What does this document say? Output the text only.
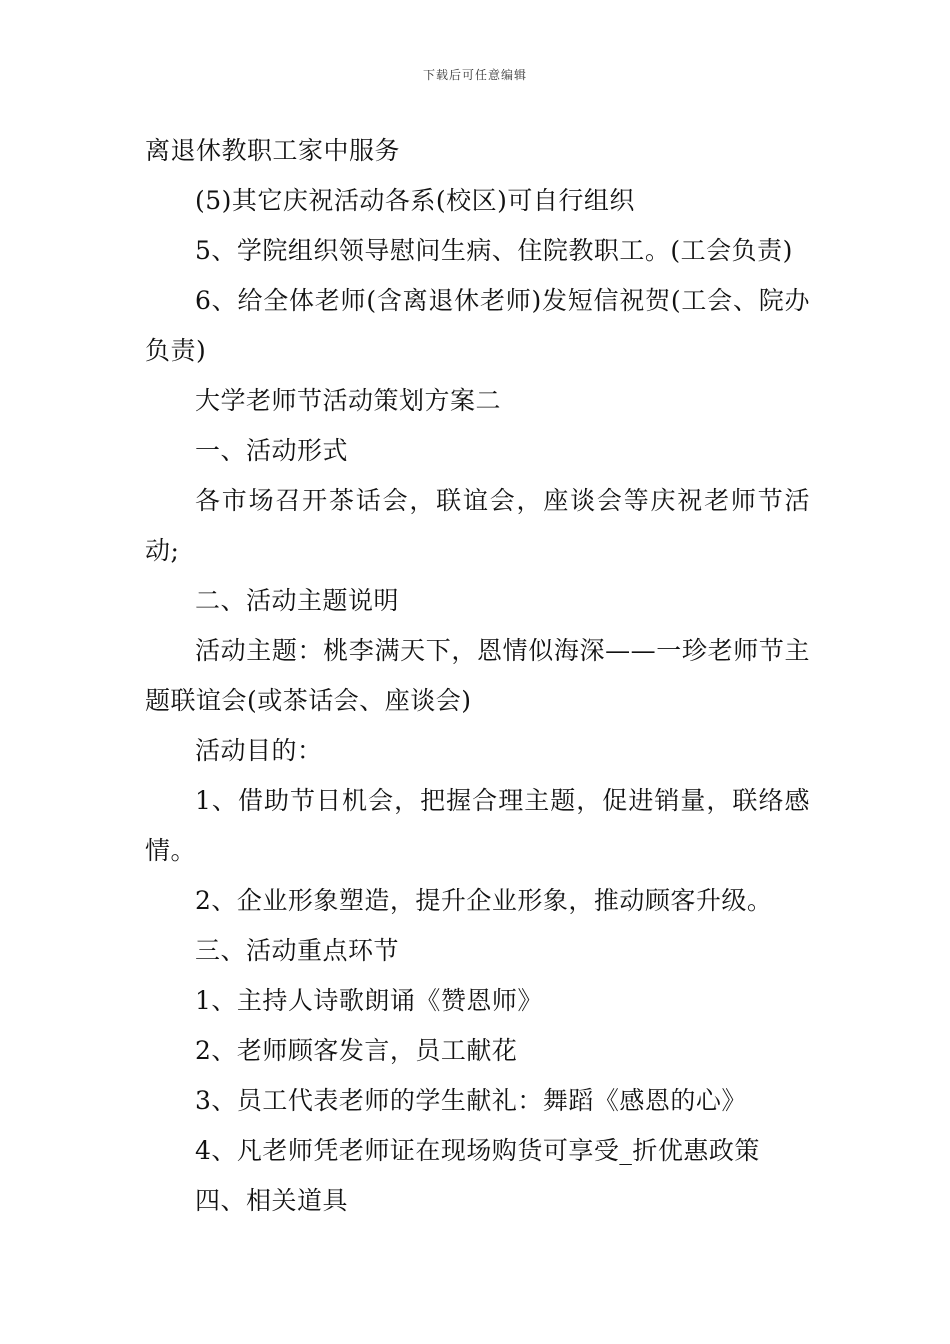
下载后可任意编辑

离退休教职工家中服务

(5)其它庆祝活动各系(校区)可自行组织

5、学院组织领导慰问生病、住院教职工。(工会负责)

6、给全体老师(含离退休老师)发短信祝贺(工会、院办负责)

大学老师节活动策划方案二

一、活动形式

各市场召开茶话会，联谊会，座谈会等庆祝老师节活动;

二、活动主题说明

活动主题：桃李满天下，恩情似海深——一珍老师节主题联谊会(或茶话会、座谈会)

活动目的：

1、借助节日机会，把握合理主题，促进销量，联络感情。

2、企业形象塑造，提升企业形象，推动顾客升级。

三、活动重点环节

1、主持人诗歌朗诵《赞恩师》

2、老师顾客发言，员工献花

3、员工代表老师的学生献礼：舞蹈《感恩的心》

4、凡老师凭老师证在现场购货可享受_折优惠政策

四、相关道具
